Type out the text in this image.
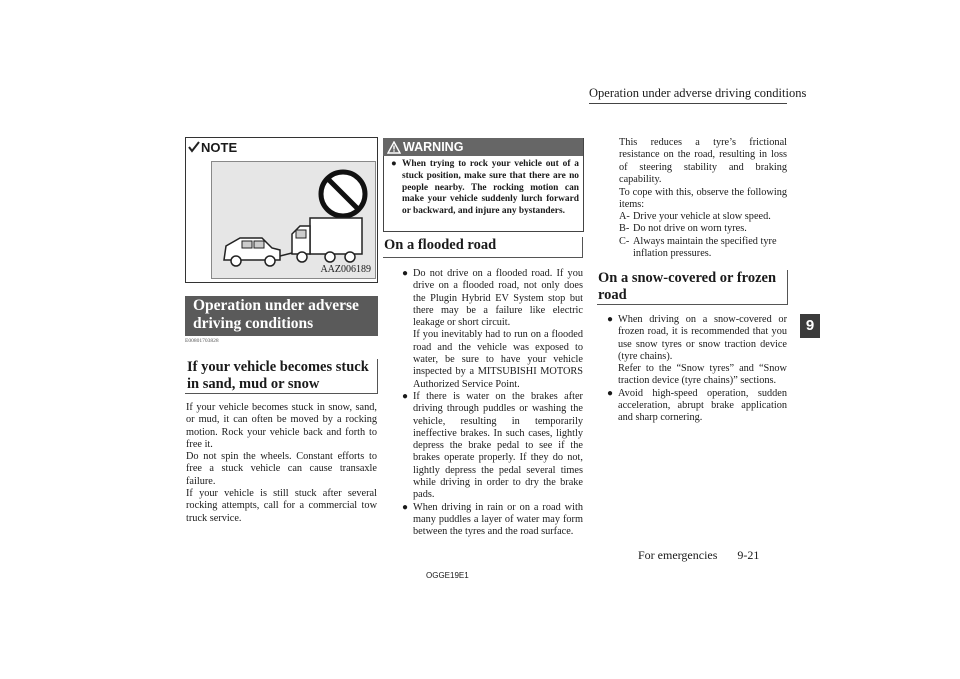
Operation under adverse driving conditions
9
NOTE
AAZ006189
Operation under adverse driving conditions
E00801703828
If your vehicle becomes stuck in sand, mud or snow

If your vehicle becomes stuck in snow, sand, or mud, it can often be moved by a rocking motion. Rock your vehicle back and forth to free it.

Do not spin the wheels. Constant efforts to free a stuck vehicle can cause transaxle failure.

If your vehicle is still stuck after several rocking attempts, call for a commercial tow truck service.

WARNING
● When trying to rock your vehicle out of a stuck position, make sure that there are no people nearby. The rocking motion can make your vehicle suddenly lurch forward or backward, and injure any bystanders.
On a flooded road
● Do not drive on a flooded road. If you drive on a flooded road, not only does the Plugin Hybrid EV System stop but there may be a failure like electric leakage or short circuit.
If you inevitably had to run on a flooded road and the vehicle was exposed to water, be sure to have your vehicle inspected by a MITSUBISHI MOTORS Authorized Service Point.
● If there is water on the brakes after driving through puddles or washing the vehicle, resulting in temporarily ineffective brakes. In such cases, lightly depress the brake pedal to see if the brakes operate properly. If they do not, lightly depress the pedal several times while driving in order to dry the brake pads.
● When driving in rain or on a road with many puddles a layer of water may form between the tyres and the road surface.
This reduces a tyre’s frictional resistance on the road, resulting in loss of steering stability and braking capability.
To cope with this, observe the following items:
A- Drive your vehicle at slow speed.
B- Do not drive on worn tyres.
C- Always maintain the specified tyre inflation pressures.
On a snow-covered or frozen road
● When driving on a snow-covered or frozen road, it is recommended that you use snow tyres or snow traction device (tyre chains).
Refer to the “Snow tyres” and “Snow traction device (tyre chains)” sections.
● Avoid high-speed operation, sudden acceleration, abrupt brake application and sharp cornering.
For emergencies 9-21
OGGE19E1
